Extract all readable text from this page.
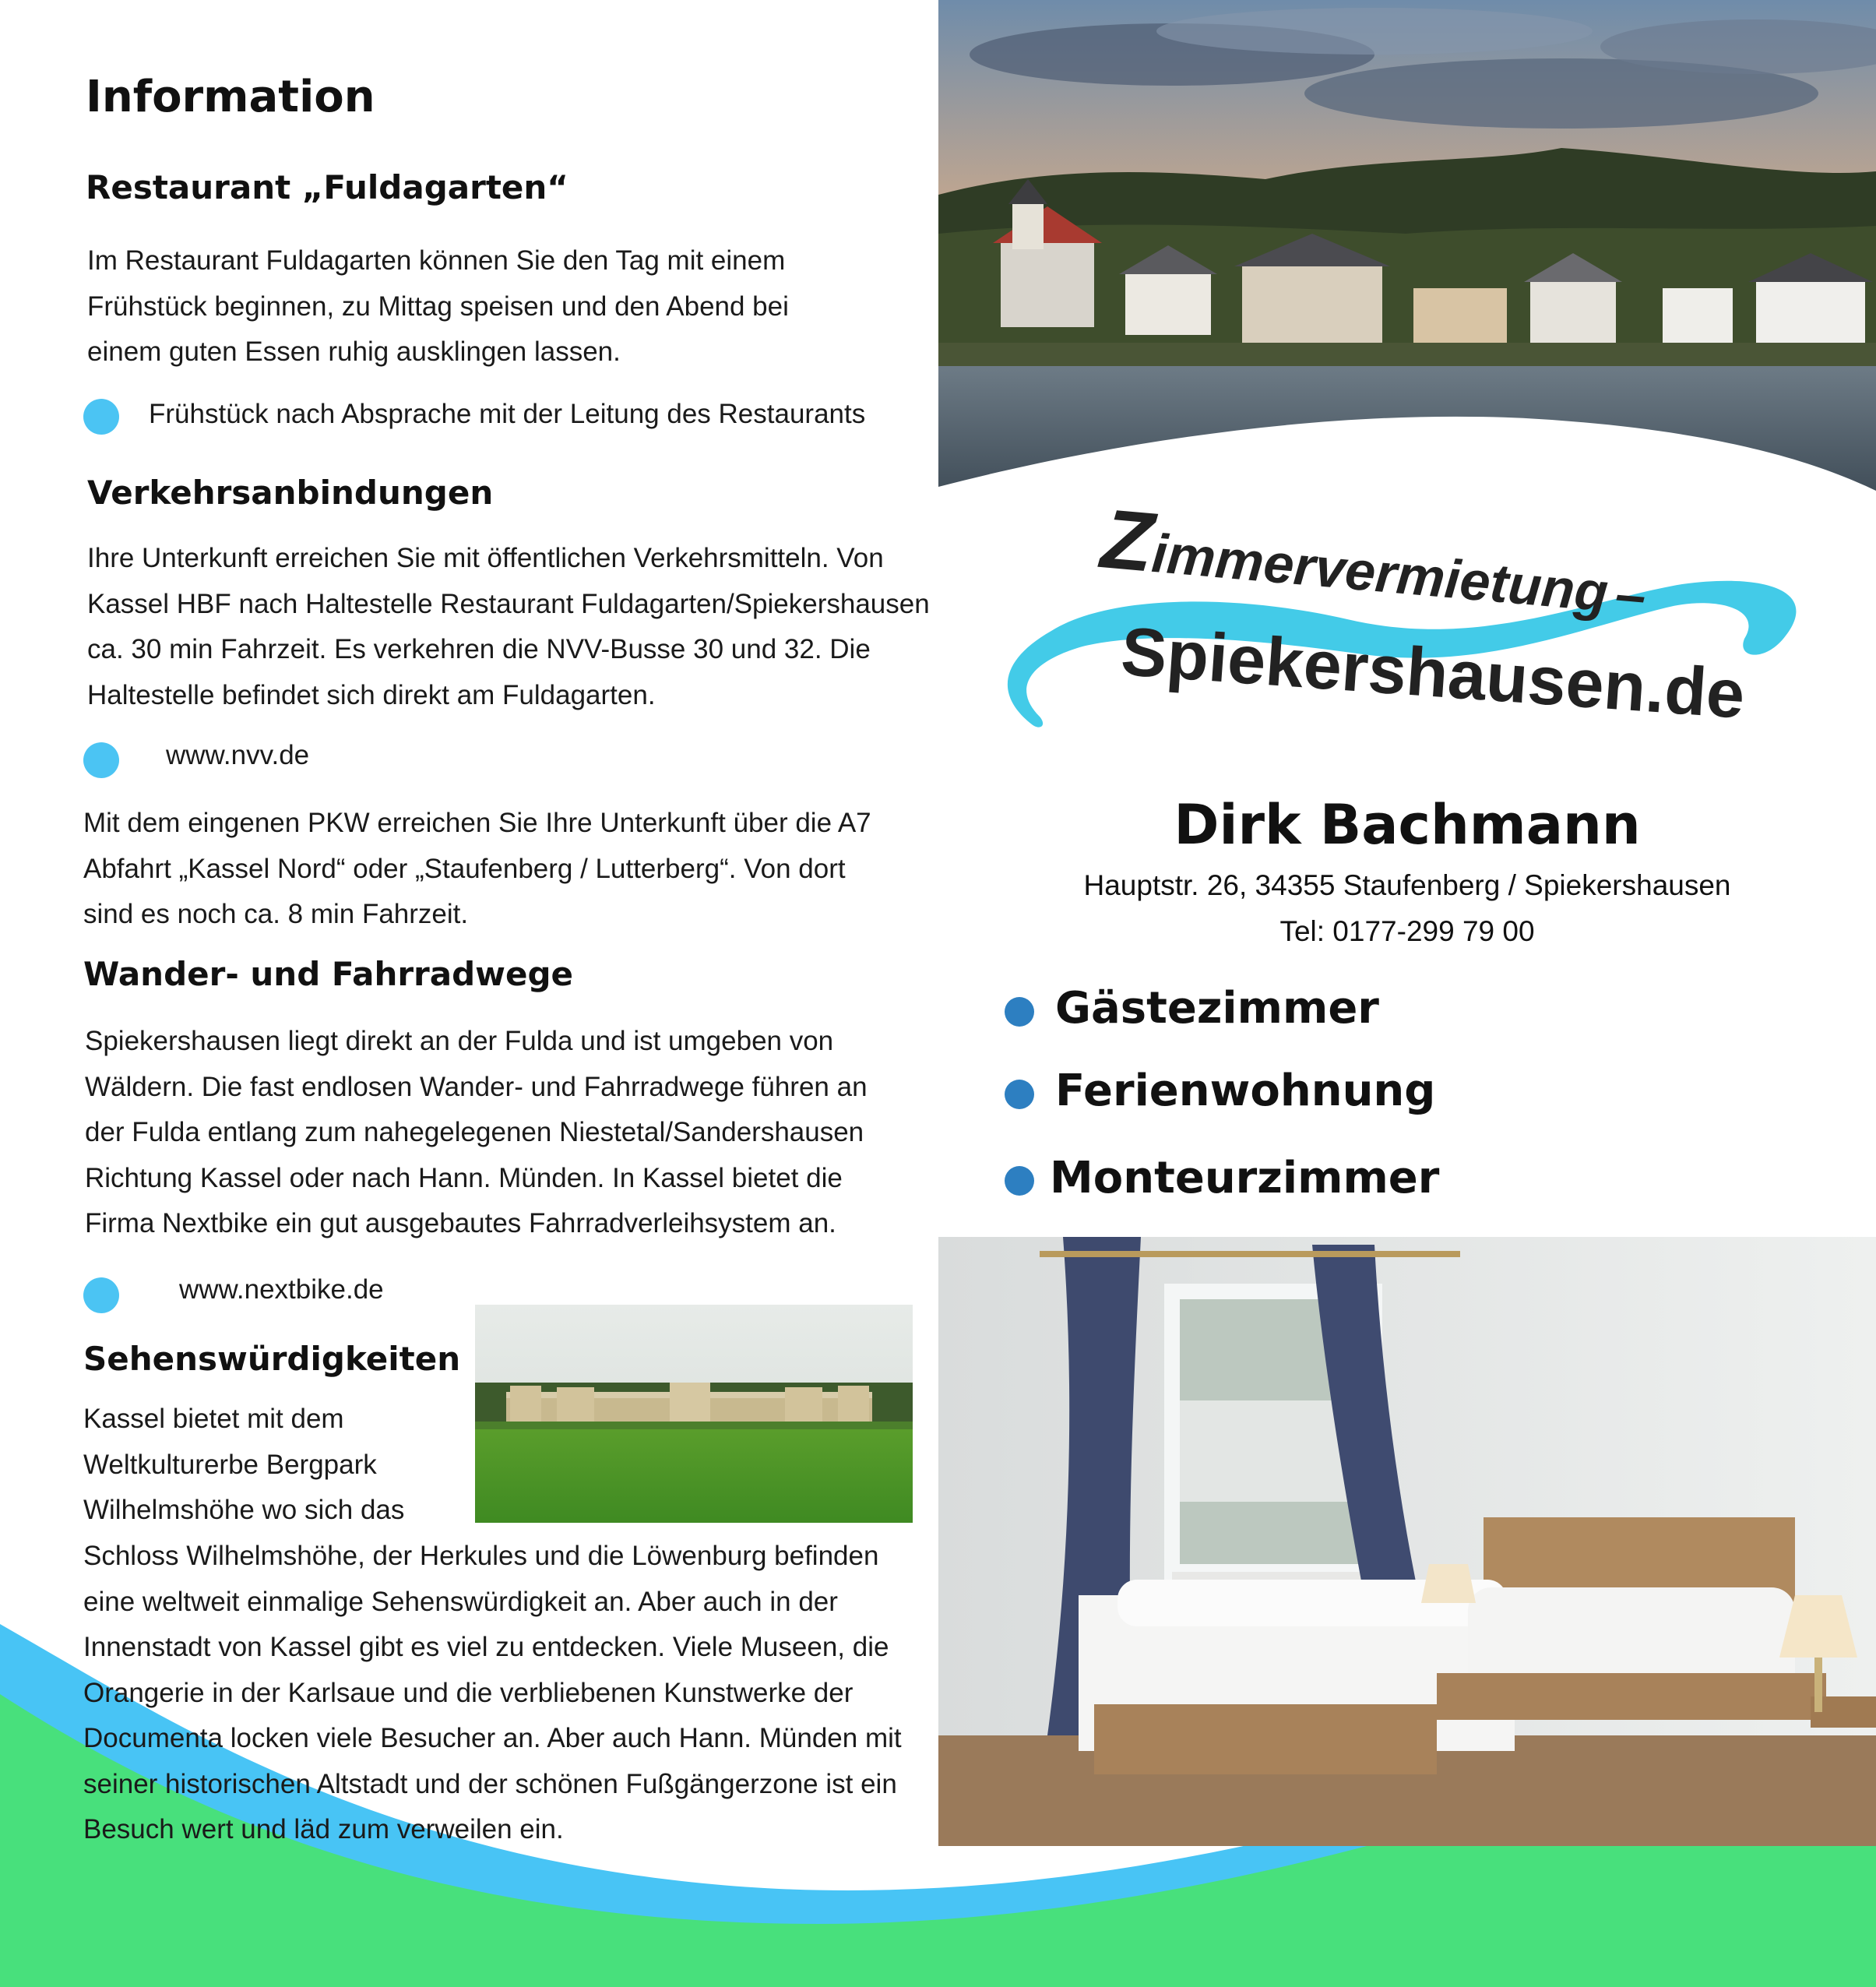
Information
Restaurant „Fuldagarten“
Im Restaurant Fuldagarten können Sie den Tag mit einem
Frühstück beginnen, zu Mittag speisen und den Abend bei
einem guten Essen ruhig ausklingen lassen.
Frühstück nach Absprache mit der Leitung des Restaurants
Verkehrsanbindungen
Ihre Unterkunft erreichen Sie mit öffentlichen Verkehrsmitteln. Von
Kassel HBF nach Haltestelle Restaurant Fuldagarten/Spiekershausen
ca. 30 min Fahrzeit. Es verkehren die NVV-Busse 30 und 32. Die
Haltestelle befindet sich direkt am Fuldagarten.
www.nvv.de
Mit dem eingenen PKW erreichen Sie Ihre Unterkunft über die A7
Abfahrt „Kassel Nord“ oder „Staufenberg / Lutterberg“. Von dort
sind es noch ca. 8 min Fahrzeit.
Wander- und Fahrradwege
Spiekershausen liegt direkt an der Fulda und ist umgeben von
Wäldern. Die fast endlosen Wander- und Fahrradwege führen an
der Fulda entlang zum nahegelegenen Niestetal/Sandershausen
Richtung Kassel oder nach Hann. Münden. In Kassel bietet die
Firma Nextbike ein gut ausgebautes Fahrradverleihsystem an.
www.nextbike.de
Sehenswürdigkeiten
Kassel bietet mit dem
Weltkulturerbe Bergpark
Wilhelmshöhe wo sich das
Schloss Wilhelmshöhe, der Herkules und die Löwenburg befinden
eine weltweit einmalige Sehenswürdigkeit an. Aber auch in der
Innenstadt von Kassel gibt es viel zu entdecken. Viele Museen, die
Orangerie in der Karlsaue und die verbliebenen Kunstwerke der
Documenta locken viele Besucher an. Aber auch Hann. Münden mit
seiner historischen Altstadt und der schönen Fußgängerzone ist ein
Besuch wert und läd zum verweilen ein.
Zimmervermietung–
Spiekershausen.de
Dirk Bachmann
Hauptstr. 26, 34355 Staufenberg / Spiekershausen
Tel: 0177-299 79 00
Gästezimmer
Ferienwohnung
Monteurzimmer
